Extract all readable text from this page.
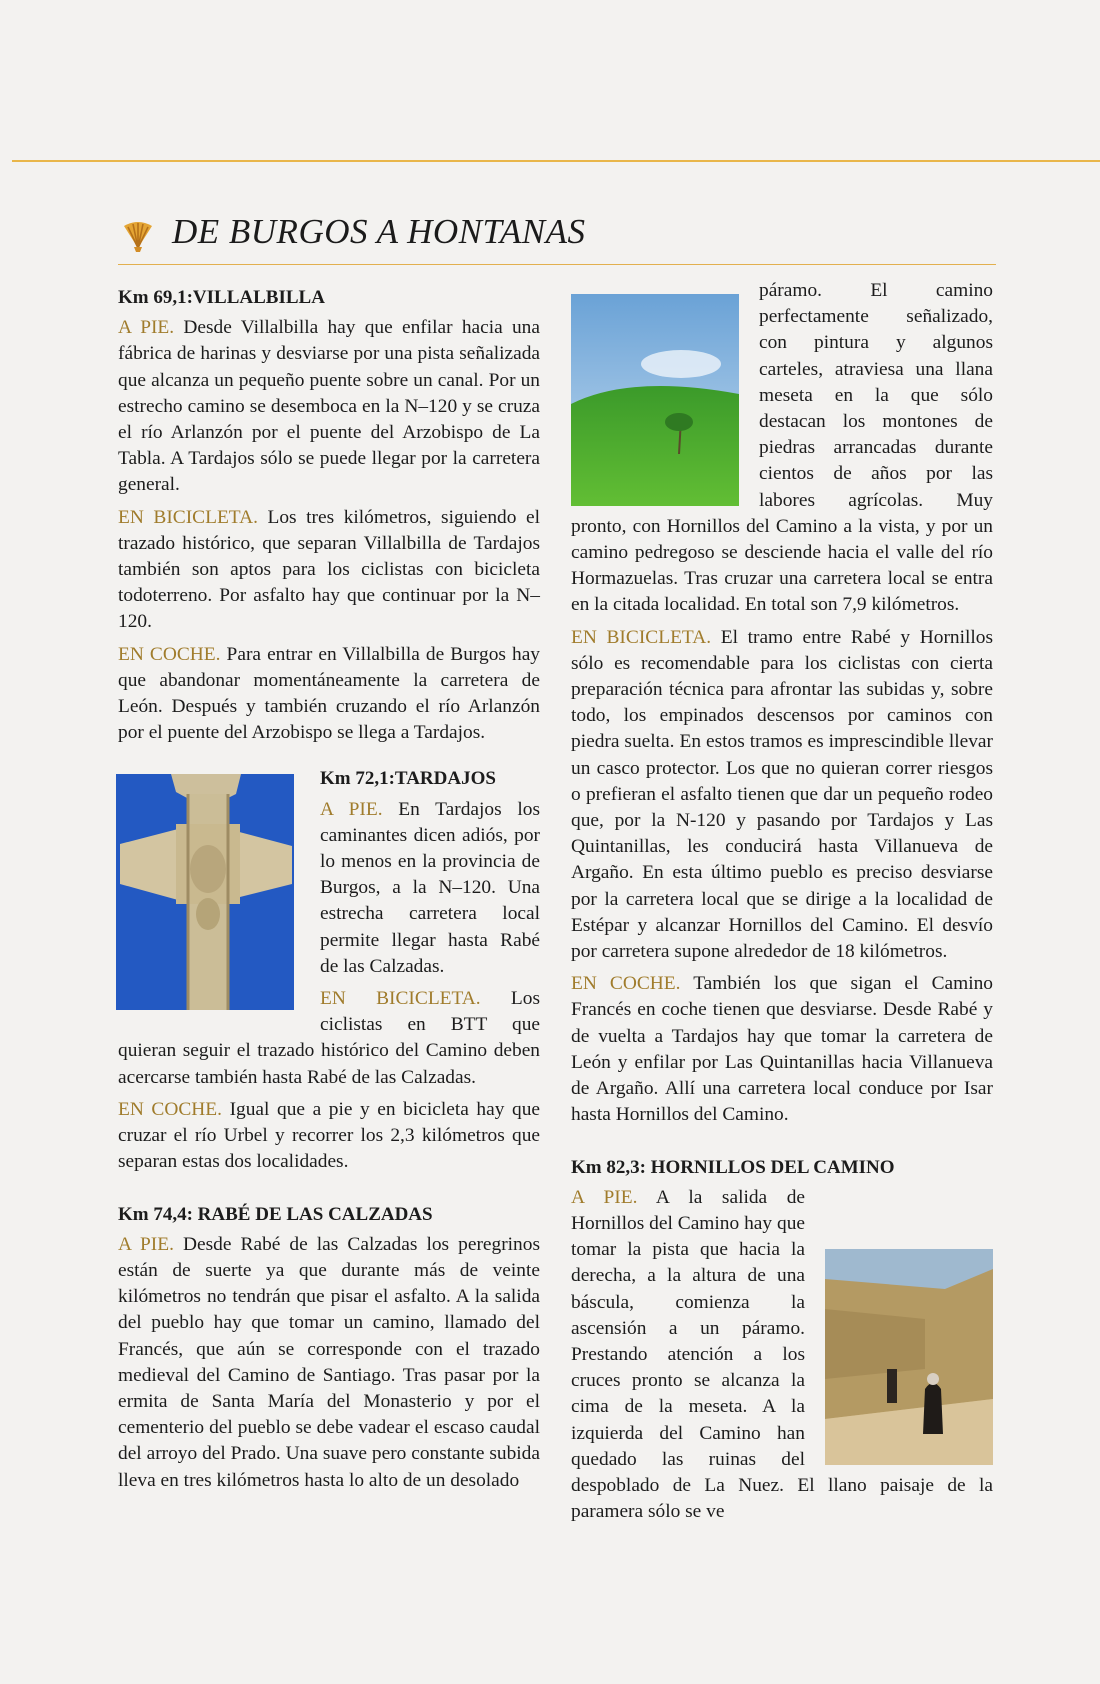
DE BURGOS A HONTANAS
Km 69,1:VILLALBILLA

A PIE. Desde Villalbilla hay que enfilar hacia una fábrica de harinas y desviarse por una pista señalizada que alcanza un pequeño puente sobre un canal. Por un estrecho camino se desemboca en la N–120 y se cruza el río Arlanzón por el puente del Arzobispo de La Tabla. A Tardajos sólo se puede llegar por la carretera general.

EN BICICLETA. Los tres kilómetros, siguiendo el trazado histórico, que separan Villalbilla de Tardajos también son aptos para los ciclistas con bicicleta todoterreno. Por asfalto hay que continuar por la N–120.

EN COCHE. Para entrar en Villalbilla de Burgos hay que abandonar momentáneamente la carretera de León. Después y también cruzando el río Arlanzón por el puente del Arzobispo se llega a Tardajos.

Km 72,1:TARDAJOS

A PIE. En Tardajos los caminantes dicen adiós, por lo menos en la provincia de Burgos, a la N–120. Una estrecha carretera local permite llegar hasta Rabé de las Calzadas.

EN BICICLETA. Los ciclistas en BTT que quieran seguir el trazado histórico del Camino deben acercarse también hasta Rabé de las Calzadas.

EN COCHE. Igual que a pie y en bicicleta hay que cruzar el río Urbel y recorrer los 2,3 kilómetros que separan estas dos localidades.

Km 74,4: RABÉ DE LAS CALZADAS

A PIE. Desde Rabé de las Calzadas los peregrinos están de suerte ya que durante más de veinte kilómetros no tendrán que pisar el asfalto. A la salida del pueblo hay que tomar un camino, llamado del Francés, que aún se corresponde con el trazado medieval del Camino de Santiago. Tras pasar por la ermita de Santa María del Monasterio y por el cementerio del pueblo se debe vadear el escaso caudal del arroyo del Prado. Una suave pero constante subida lleva en tres kilómetros hasta lo alto de un desolado

páramo. El camino perfectamente señalizado, con pintura y algunos carteles, atraviesa una llana meseta en la que sólo destacan los montones de piedras arrancadas durante cientos de años por las labores agrícolas. Muy pronto, con Hornillos del Camino a la vista, y por un camino pedregoso se desciende hacia el valle del río Hormazuelas. Tras cruzar una carretera local se entra en la citada localidad. En total son 7,9 kilómetros.

EN BICICLETA. El tramo entre Rabé y Hornillos sólo es recomendable para los ciclistas con cierta preparación técnica para afrontar las subidas y, sobre todo, los empinados descensos por caminos con piedra suelta. En estos tramos es imprescindible llevar un casco protector. Los que no quieran correr riesgos o prefieran el asfalto tienen que dar un pequeño rodeo que, por la N-120 y pasando por Tardajos y Las Quintanillas, les conducirá hasta Villanueva de Argaño. En esta último pueblo es preciso desviarse por la carretera local que se dirige a la localidad de Estépar y alcanzar Hornillos del Camino. El desvío por carretera supone alrededor de 18 kilómetros.

EN COCHE. También los que sigan el Camino Francés en coche tienen que desviarse. Desde Rabé y de vuelta a Tardajos hay que tomar la carretera de León y enfilar por Las Quintanillas hacia Villanueva de Argaño. Allí una carretera local conduce por Isar hasta Hornillos del Camino.

Km 82,3: HORNILLOS DEL CAMINO

A PIE. A la salida de Hornillos del Camino hay que tomar la pista que hacia la derecha, a la altura de una báscula, comienza la ascensión a un páramo. Prestando atención a los cruces pronto se alcanza la cima de la meseta. A la izquierda del Camino han quedado las ruinas del despoblado de La Nuez. El llano paisaje de la paramera sólo se ve
